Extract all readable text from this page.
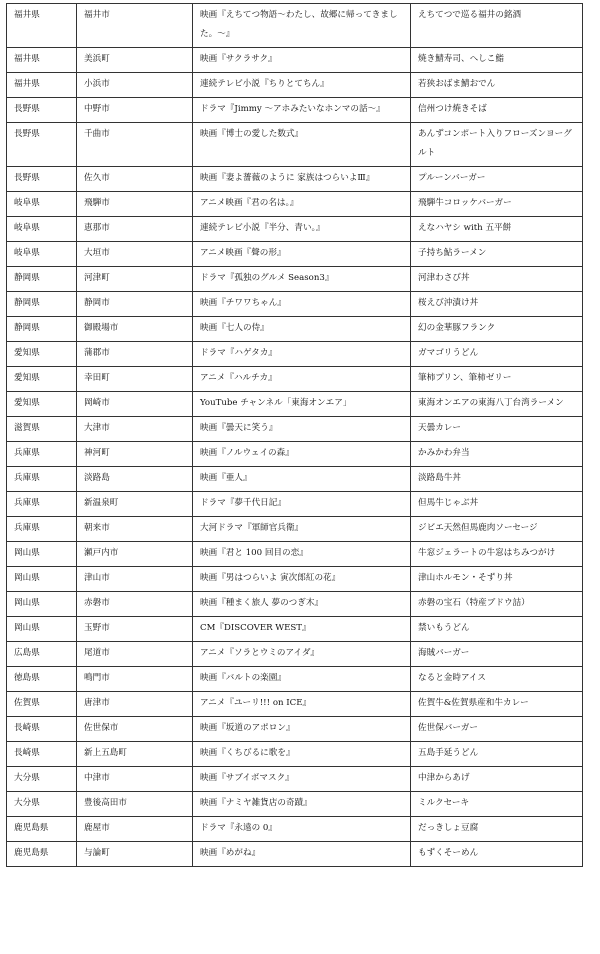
福井県	福井市	映画『えちてつ物語～わたし、故郷に帰ってきました。～』	えちてつで巡る福井の銘酒
福井県	美浜町	映画『サクラサク』	焼き鯖寿司、へしこ鮨
福井県	小浜市	連続テレビ小説『ちりとてちん』	若狭おばま鯖おでん
長野県	中野市	ドラマ『Jimmy ～アホみたいなホンマの話～』	信州つけ焼きそば
長野県	千曲市	映画『博士の愛した数式』	あんずコンポート入りフローズンヨーグルト
長野県	佐久市	映画『妻よ薔薇のように 家族はつらいよⅢ』	プルーンバーガー
岐阜県	飛騨市	アニメ映画『君の名は。』	飛騨牛コロッケバーガー
岐阜県	恵那市	連続テレビ小説『半分、青い。』	えなハヤシ with 五平餅
岐阜県	大垣市	アニメ映画『聲の形』	子持ち鮎ラーメン
静岡県	河津町	ドラマ『孤独のグルメ Season3』	河津わさび丼
静岡県	静岡市	映画『チワワちゃん』	桜えび沖漬け丼
静岡県	御殿場市	映画『七人の侍』	幻の金華豚フランク
愛知県	蒲郡市	ドラマ『ハゲタカ』	ガマゴリうどん
愛知県	幸田町	アニメ『ハルチカ』	筆柿プリン、筆柿ゼリー
愛知県	岡崎市	YouTube チャンネル「東海オンエア」	東海オンエアの東海八丁台湾ラーメン
滋賀県	大津市	映画『曇天に笑う』	天曇カレー
兵庫県	神河町	映画『ノルウェイの森』	かみかわ弁当
兵庫県	淡路島	映画『亜人』	淡路島牛丼
兵庫県	新温泉町	ドラマ『夢千代日記』	但馬牛じゃぶ丼
兵庫県	朝来市	大河ドラマ『軍師官兵衛』	ジビエ天然但馬鹿肉ソーセージ
岡山県	瀬戸内市	映画『君と 100 回目の恋』	牛窓ジェラートの牛窓はちみつがけ
岡山県	津山市	映画『男はつらいよ 寅次郎紅の花』	津山ホルモン・そずり丼
岡山県	赤磐市	映画『種まく旅人 夢のつぎ木』	赤磐の宝石（特産ブドウ詰）
岡山県	玉野市	CM『DISCOVER WEST』	禁いもうどん
広島県	尾道市	アニメ『ソラとウミのアイダ』	海賊バーガー
徳島県	鳴門市	映画『バルトの楽園』	なると金時アイス
佐賀県	唐津市	アニメ『ユーリ!!! on ICE』	佐賀牛&佐賀県産和牛カレー
長崎県	佐世保市	映画『坂道のアポロン』	佐世保バーガー
長崎県	新上五島町	映画『くちびるに歌を』	五島手延うどん
大分県	中津市	映画『サブイボマスク』	中津からあげ
大分県	豊後高田市	映画『ナミヤ雑貨店の奇蹟』	ミルクセーキ
鹿児島県	鹿屋市	ドラマ『永遠の 0』	だっきしょ豆腐
鹿児島県	与論町	映画『めがね』	もずくそーめん
